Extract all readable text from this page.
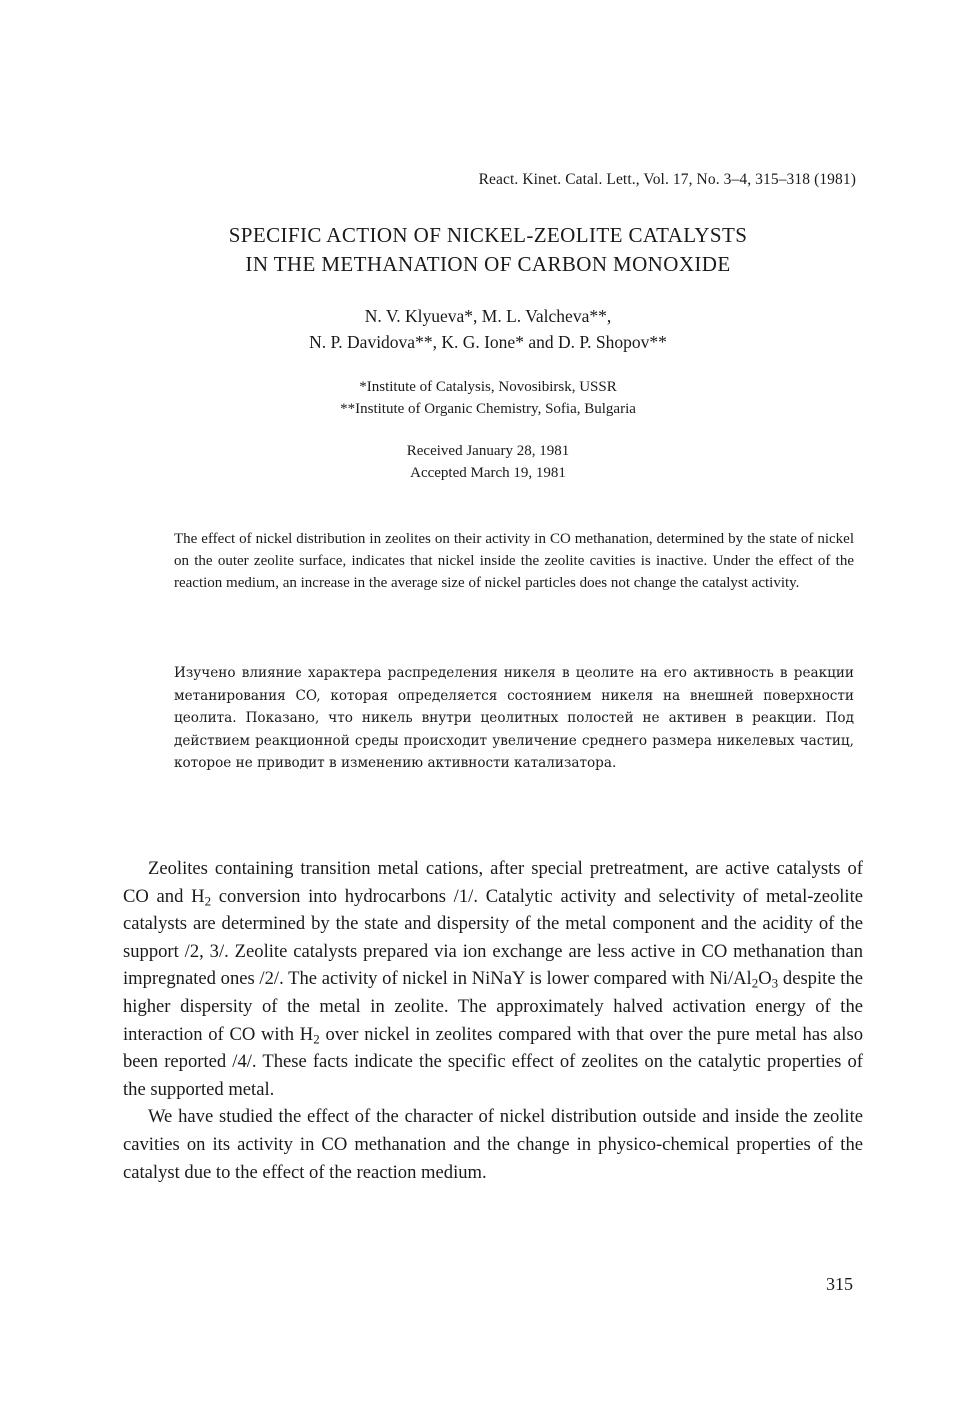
React. Kinet. Catal. Lett., Vol. 17, No. 3–4, 315–318 (1981)
SPECIFIC ACTION OF NICKEL-ZEOLITE CATALYSTS
IN THE METHANATION OF CARBON MONOXIDE
N. V. Klyueva*, M. L. Valcheva**,
N. P. Davidova**, K. G. Ione* and D. P. Shopov**
*Institute of Catalysis, Novosibirsk, USSR
**Institute of Organic Chemistry, Sofia, Bulgaria
Received January 28, 1981
Accepted March 19, 1981
The effect of nickel distribution in zeolites on their activity in CO methanation, determined by the state of nickel on the outer zeolite surface, indicates that nickel inside the zeolite cavities is inactive. Under the effect of the reaction medium, an increase in the average size of nickel particles does not change the catalyst activity.
Изучено влияние характера распределения никеля в цеолите на его активность в реакции метанирования CO, которая определяется состоянием никеля на внешней поверхности цеолита. Показано, что никель внутри цеолитных полостей не активен в реакции. Под действием реакционной среды происходит увеличение среднего размера никелевых частиц, которое не приводит в изменению активности катализатора.

Zeolites containing transition metal cations, after special pretreatment, are active catalysts of CO and $H_2$ conversion into hydrocarbons /1/. Catalytic activity and selectivity of metal-zeolite catalysts are determined by the state and dispersity of the metal component and the acidity of the support /2, 3/. Zeolite catalysts prepared via ion exchange are less active in CO methanation than impregnated ones /2/. The activity of nickel in NiNaY is lower compared with $Ni/Al_2O_3$ despite the higher dispersity of the metal in zeolite. The approximately halved activation energy of the interaction of CO with $H_2$ over nickel in zeolites compared with that over the pure metal has also been reported /4/. These facts indicate the specific effect of zeolites on the catalytic properties of the supported metal.

We have studied the effect of the character of nickel distribution outside and inside the zeolite cavities on its activity in CO methanation and the change in physico-chemical properties of the catalyst due to the effect of the reaction medium.

315
